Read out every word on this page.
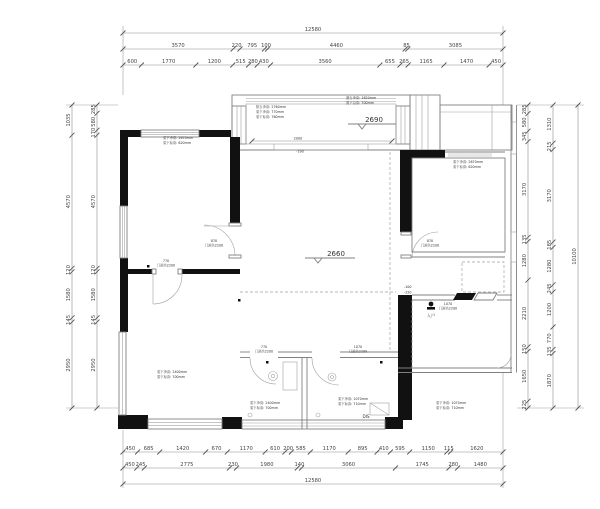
2000
-190
2690
入户
DIS
2660
-100
-220
12580
3570	220 795 100	4460	85	3085
600	1770	1200	515 280 430	3560	655 265 1165	1470	450
450 685	1420	670	1170	610 200 585	1170	895 410 595	1150 115	1620
450 245	2775	230	1980	140	3060	1745	280	1480
12580
1035
4570
120
1580
145
2950
285
580
170
4570
120
1580
145
2950
285
580
345
3170
135
1280
2210
150
1650
225
1310
215
3170
185
1280
245
1200
770
135
1870
10100
梁下净高: 2670mm
梁下标高: 620mm
阳台净高: 2760mm
梁下净高: 770mm
梁下标高: 760mm
窗台净高: 1620mm
窗下沿高: 700mm
梁下净高: 2670mm
梁下标高: 620mm
梁下净高: 2400mm
梁下标高: 700mm
梁下净高: 2400mm
梁下标高: 700mm
梁下净高: 1070mm
梁下标高: 710mm	梁下净高: 1070mm
梁下标高: 710mm
770
门洞共2200
870
门洞共2200
870
门洞共2200
770
门洞共2200
1070
门洞共2200
1070
门洞共2200
